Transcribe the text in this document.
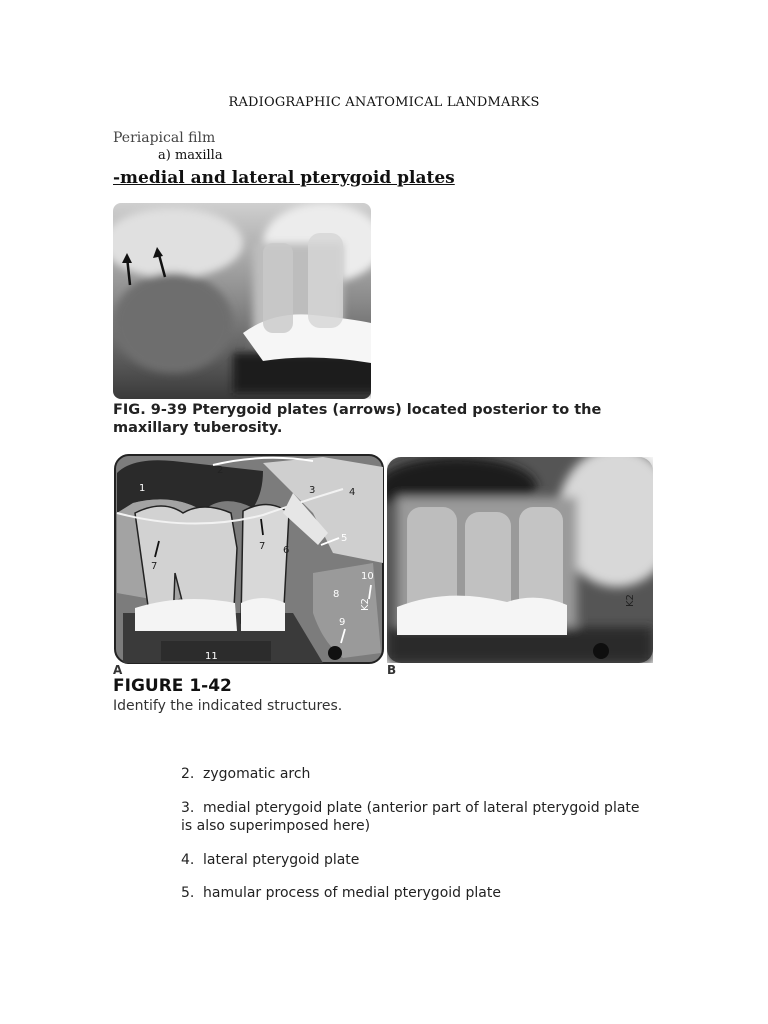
RADIOGRAPHIC ANATOMICAL LANDMARKS
Periapical film
a) maxilla
-medial and lateral pterygoid plates
FIG. 9-39 Pterygoid plates (arrows) located posterior to the maxillary tuberosity.
1
2
3	4
5
6
7
7
8
9
10
11
K2	K2
A	B
FIGURE 1-42
Identify the indicated structures.
2. zygomatic arch
3. medial pterygoid plate (anterior part of lateral pterygoid plate is also superimposed here)
4. lateral pterygoid plate
5. hamular process of medial pterygoid plate
